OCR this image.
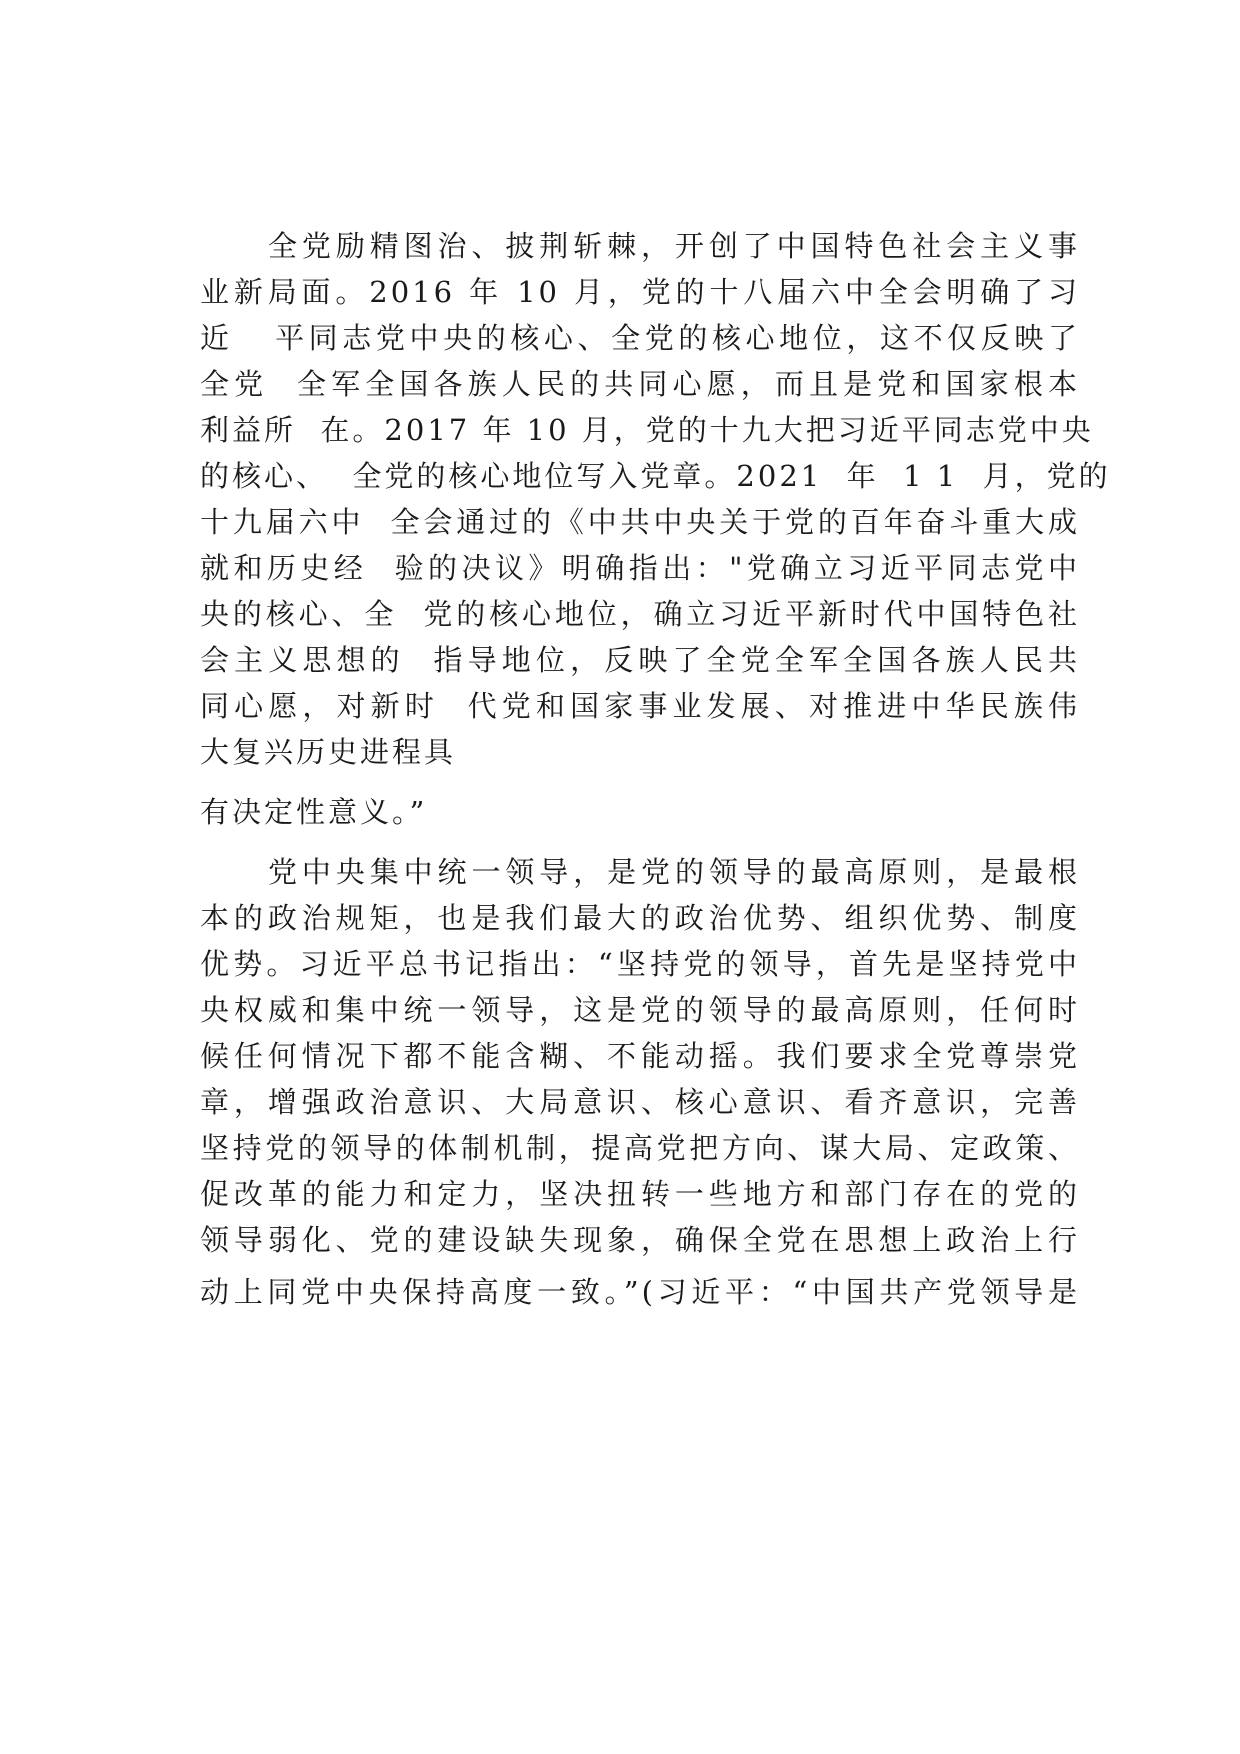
全党励精图治、披荆斩棘，开创了中国特色社会主义事
业新局面。2016 年 10 月，党的十八届六中全会明确了习
近   平同志党中央的核心、全党的核心地位，这不仅反映了
全党  全军全国各族人民的共同心愿，而且是党和国家根本
利益所  在。2017 年 10 月，党的十九大把习近平同志党中央
的核心、  全党的核心地位写入党章。2021  年  1 1  月，党的
十九届六中  全会通过的《中共中央关于党的百年奋斗重大成
就和历史经  验的决议》明确指出："党确立习近平同志党中
央的核心、全  党的核心地位，确立习近平新时代中国特色社
会主义思想的  指导地位，反映了全党全军全国各族人民共
同心愿，对新时  代党和国家事业发展、对推进中华民族伟
大复兴历史进程具
有决定性意义。”
党中央集中统一领导，是党的领导的最高原则，是最根
本的政治规矩，也是我们最大的政治优势、组织优势、制度
优势。习近平总书记指出：“坚持党的领导，首先是坚持党中
央权威和集中统一领导，这是党的领导的最高原则，任何时
候任何情况下都不能含糊、不能动摇。我们要求全党尊崇党
章，增强政治意识、大局意识、核心意识、看齐意识，完善
坚持党的领导的体制机制，提高党把方向、谋大局、定政策、
促改革的能力和定力，坚决扭转一些地方和部门存在的党的
领导弱化、党的建设缺失现象，确保全党在思想上政治上行
动上同党中央保持高度一致。”(习近平：“中国共产党领导是
